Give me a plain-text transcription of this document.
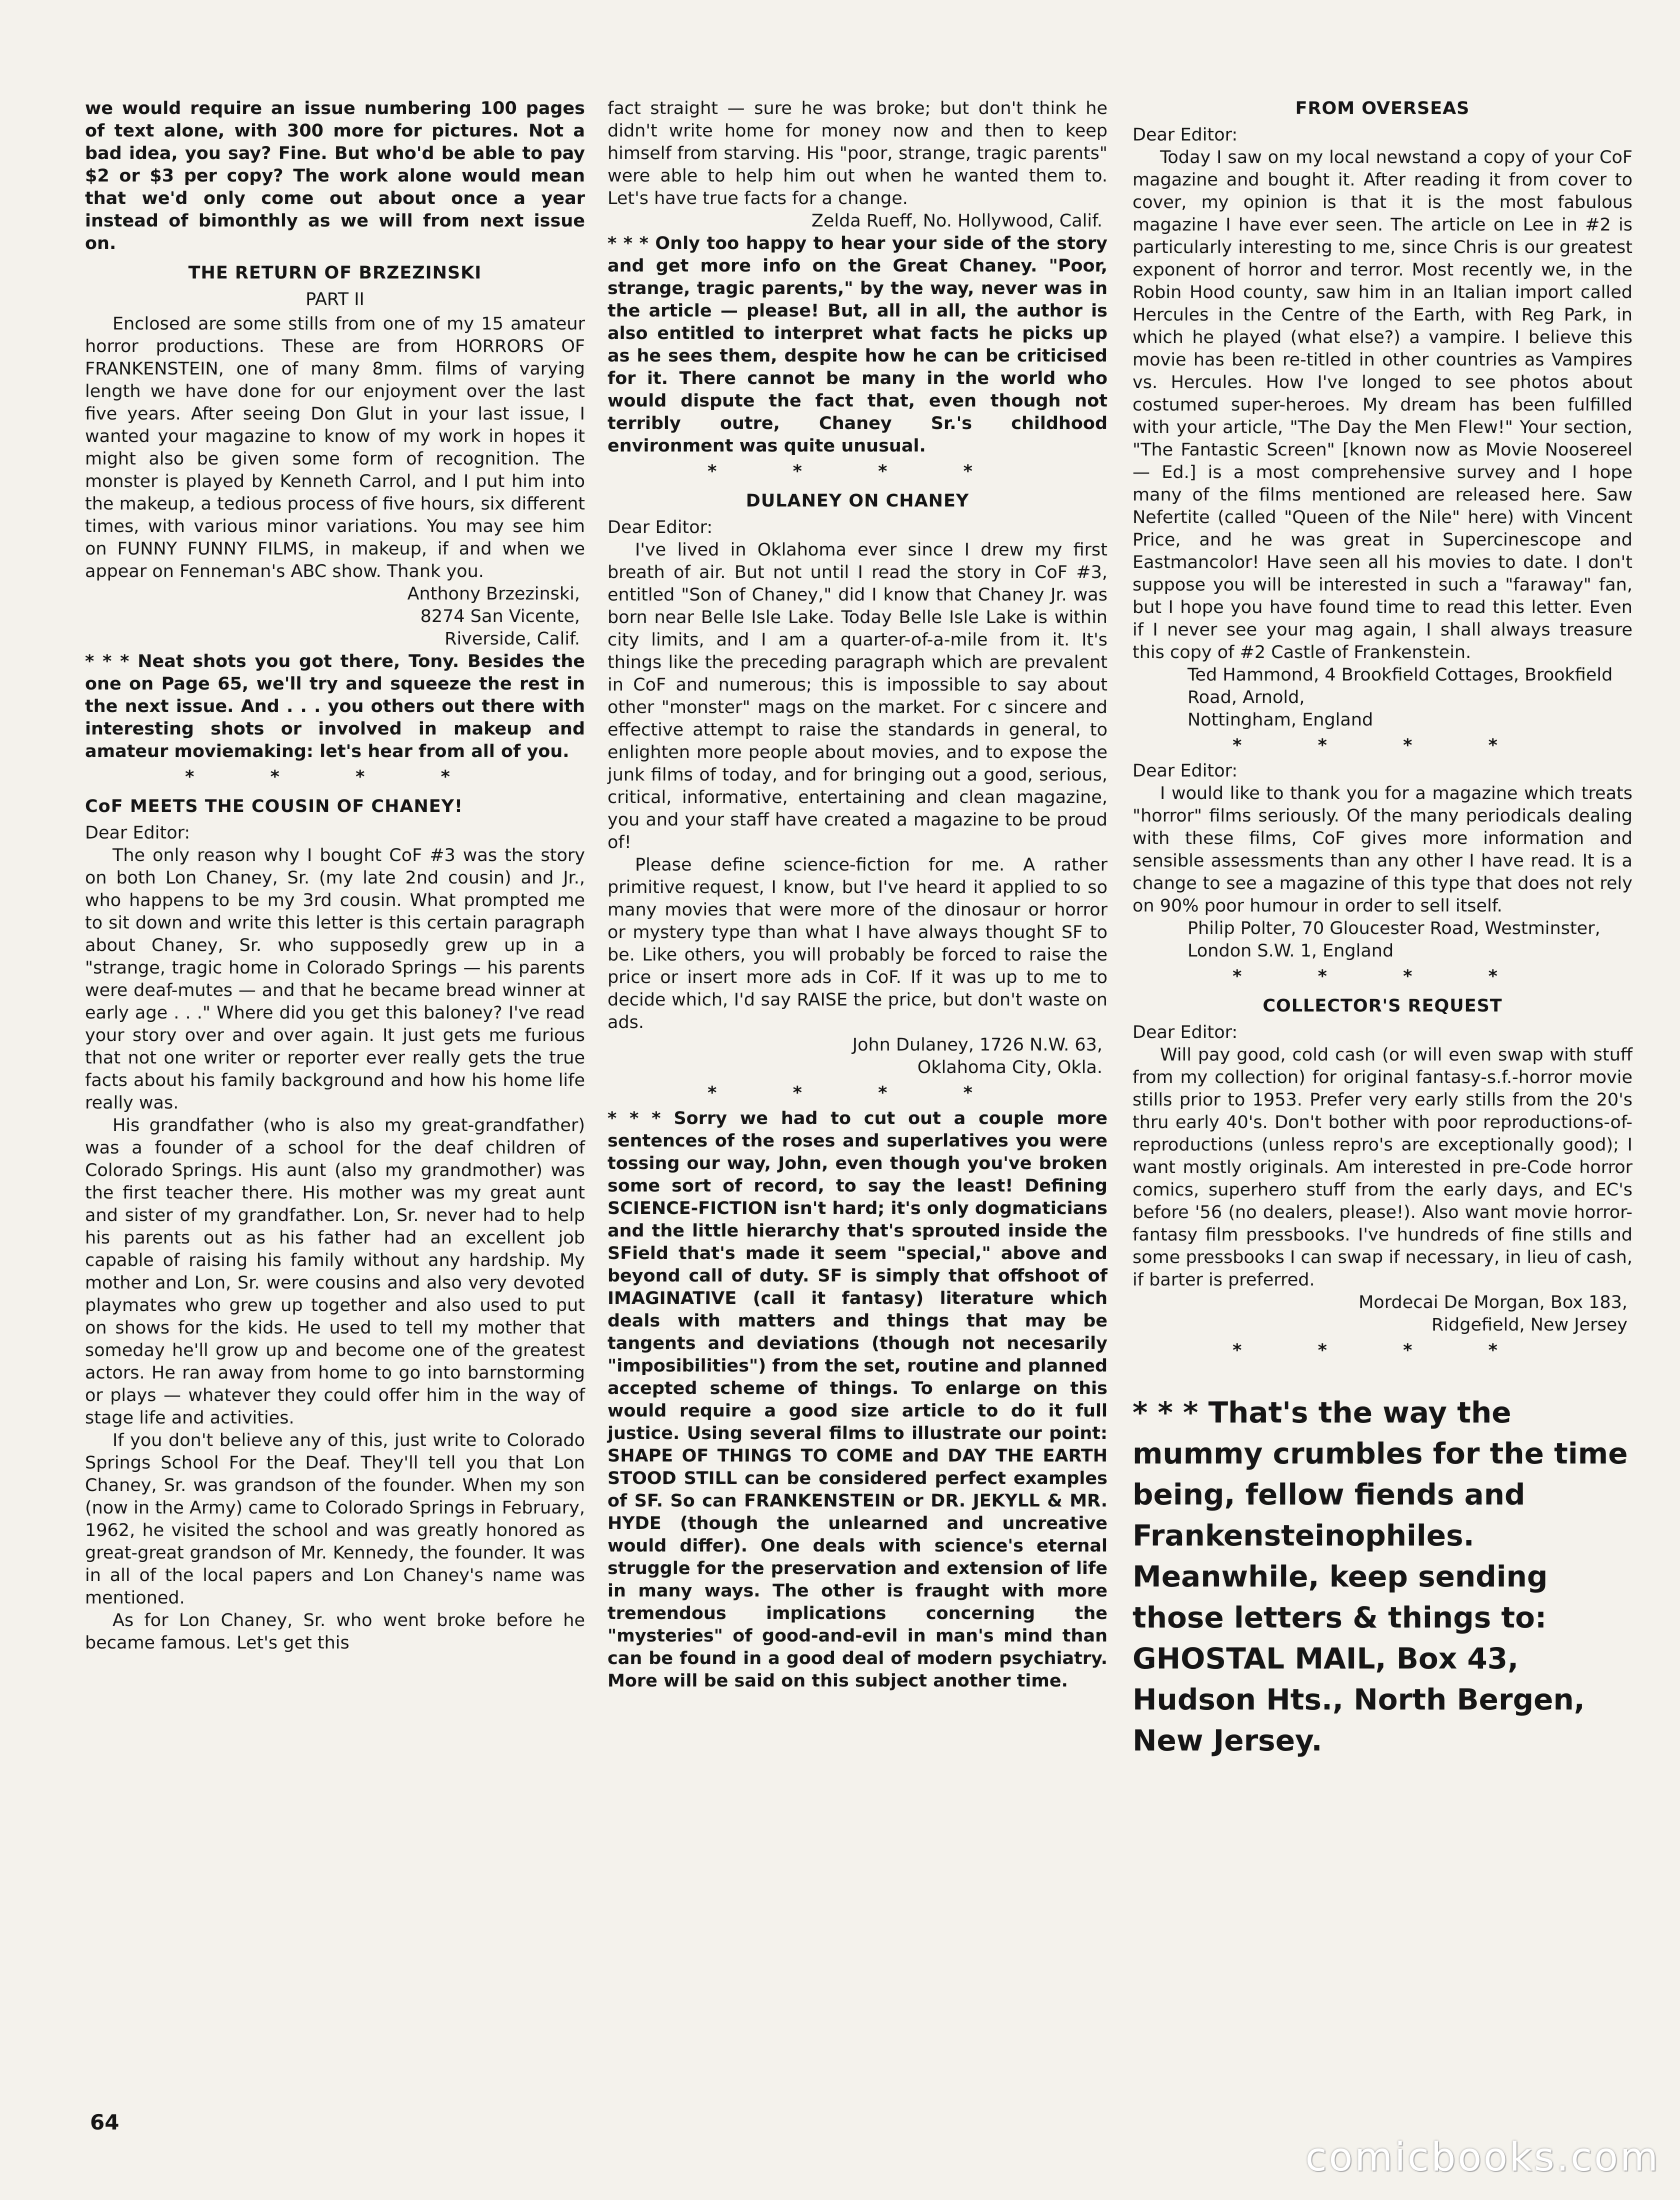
we would require an issue numbering 100 pages of text alone, with 300 more for pictures. Not a bad idea, you say? Fine. But who'd be able to pay $2 or $3 per copy? The work alone would mean that we'd only come out about once a year instead of bimonthly as we will from next issue on.

THE RETURN OF BRZEZINSKI
PART II

Enclosed are some stills from one of my 15 amateur horror productions. These are from HORRORS OF FRANKENSTEIN, one of many 8mm. films of varying length we have done for our enjoyment over the last five years. After seeing Don Glut in your last issue, I wanted your magazine to know of my work in hopes it might also be given some form of recognition. The monster is played by Kenneth Carrol, and I put him into the makeup, a tedious process of five hours, six different times, with various minor variations. You may see him on FUNNY FUNNY FILMS, in makeup, if and when we appear on Fenneman's ABC show. Thank you.

Anthony Brzezinski,
8274 San Vicente,
Riverside, Calif.

* * * Neat shots you got there, Tony. Besides the one on Page 65, we'll try and squeeze the rest in the next issue. And . . . you others out there with interesting shots or involved in makeup and amateur moviemaking: let's hear from all of you.

* * * *
CoF MEETS THE COUSIN OF CHANEY!
Dear Editor:

The only reason why I bought CoF #3 was the story on both Lon Chaney, Sr. (my late 2nd cousin) and Jr., who happens to be my 3rd cousin. What prompted me to sit down and write this letter is this certain paragraph about Chaney, Sr. who supposedly grew up in a "strange, tragic home in Colorado Springs — his parents were deaf-mutes — and that he became bread winner at early age . . ." Where did you get this baloney? I've read your story over and over again. It just gets me furious that not one writer or reporter ever really gets the true facts about his family background and how his home life really was.

His grandfather (who is also my great-grandfather) was a founder of a school for the deaf children of Colorado Springs. His aunt (also my grandmother) was the first teacher there. His mother was my great aunt and sister of my grandfather. Lon, Sr. never had to help his parents out as his father had an excellent job capable of raising his family without any hardship. My mother and Lon, Sr. were cousins and also very devoted playmates who grew up together and also used to put on shows for the kids. He used to tell my mother that someday he'll grow up and become one of the greatest actors. He ran away from home to go into barnstorming or plays — whatever they could offer him in the way of stage life and activities.

If you don't believe any of this, just write to Colorado Springs School For the Deaf. They'll tell you that Lon Chaney, Sr. was grandson of the founder. When my son (now in the Army) came to Colorado Springs in February, 1962, he visited the school and was greatly honored as great-great grandson of Mr. Kennedy, the founder. It was in all of the local papers and Lon Chaney's name was mentioned.

As for Lon Chaney, Sr. who went broke before he became famous. Let's get this

fact straight — sure he was broke; but don't think he didn't write home for money now and then to keep himself from starving. His "poor, strange, tragic parents" were able to help him out when he wanted them to. Let's have true facts for a change.

Zelda Rueff, No. Hollywood, Calif.

* * * Only too happy to hear your side of the story and get more info on the Great Chaney. "Poor, strange, tragic parents," by the way, never was in the article — please! But, all in all, the author is also entitled to interpret what facts he picks up as he sees them, despite how he can be criticised for it. There cannot be many in the world who would dispute the fact that, even though not terribly outre, Chaney Sr.'s childhood environment was quite unusual.

* * * *
DULANEY ON CHANEY
Dear Editor:

I've lived in Oklahoma ever since I drew my first breath of air. But not until I read the story in CoF #3, entitled "Son of Chaney," did I know that Chaney Jr. was born near Belle Isle Lake. Today Belle Isle Lake is within city limits, and I am a quarter-of-a-mile from it. It's things like the preceding paragraph which are prevalent in CoF and numerous; this is impossible to say about other "monster" mags on the market. For c sincere and effective attempt to raise the standards in general, to enlighten more people about movies, and to expose the junk films of today, and for bringing out a good, serious, critical, informative, entertaining and clean magazine, you and your staff have created a magazine to be proud of!

Please define science-fiction for me. A rather primitive request, I know, but I've heard it applied to so many movies that were more of the dinosaur or horror or mystery type than what I have always thought SF to be. Like others, you will probably be forced to raise the price or insert more ads in CoF. If it was up to me to decide which, I'd say RAISE the price, but don't waste on ads.

John Dulaney, 1726 N.W. 63,
Oklahoma City, Okla.
* * * *

* * * Sorry we had to cut out a couple more sentences of the roses and superlatives you were tossing our way, John, even though you've broken some sort of record, to say the least! Defining SCIENCE-FICTION isn't hard; it's only dogmaticians and the little hierarchy that's sprouted inside the SField that's made it seem "special," above and beyond call of duty. SF is simply that offshoot of IMAGINATIVE (call it fantasy) literature which deals with matters and things that may be tangents and deviations (though not necesarily "imposibilities") from the set, routine and planned accepted scheme of things. To enlarge on this would require a good size article to do it full justice. Using several films to illustrate our point: SHAPE OF THINGS TO COME and DAY THE EARTH STOOD STILL can be considered perfect examples of SF. So can FRANKENSTEIN or DR. JEKYLL & MR. HYDE (though the unlearned and uncreative would differ). One deals with science's eternal struggle for the preservation and extension of life in many ways. The other is fraught with more tremendous implications concerning the "mysteries" of good-and-evil in man's mind than can be found in a good deal of modern psychiatry. More will be said on this subject another time.

FROM OVERSEAS
Dear Editor:

Today I saw on my local newstand a copy of your CoF magazine and bought it. After reading it from cover to cover, my opinion is that it is the most fabulous magazine I have ever seen. The article on Lee in #2 is particularly interesting to me, since Chris is our greatest exponent of horror and terror. Most recently we, in the Robin Hood county, saw him in an Italian import called Hercules in the Centre of the Earth, with Reg Park, in which he played (what else?) a vampire. I believe this movie has been re-titled in other countries as Vampires vs. Hercules. How I've longed to see photos about costumed super-heroes. My dream has been fulfilled with your article, "The Day the Men Flew!" Your section, "The Fantastic Screen" [known now as Movie Noosereel — Ed.] is a most comprehensive survey and I hope many of the films mentioned are released here. Saw Nefertite (called "Queen of the Nile" here) with Vincent Price, and he was great in Supercinescope and Eastmancolor! Have seen all his movies to date. I don't suppose you will be interested in such a "faraway" fan, but I hope you have found time to read this letter. Even if I never see your mag again, I shall always treasure this copy of #2 Castle of Frankenstein.

Ted Hammond, 4 Brookfield Cottages, Brookfield Road, Arnold,
Nottingham, England
* * * *
Dear Editor:

I would like to thank you for a magazine which treats "horror" films seriously. Of the many periodicals dealing with these films, CoF gives more information and sensible assessments than any other I have read. It is a change to see a magazine of this type that does not rely on 90% poor humour in order to sell itself.

Philip Polter, 70 Gloucester Road, Westminster, London S.W. 1, England
* * * *
COLLECTOR'S REQUEST
Dear Editor:

Will pay good, cold cash (or will even swap with stuff from my collection) for original fantasy-s.f.-horror movie stills prior to 1953. Prefer very early stills from the 20's thru early 40's. Don't bother with poor reproductions-of-reproductions (unless repro's are exceptionally good); I want mostly originals. Am interested in pre-Code horror comics, superhero stuff from the early days, and EC's before '56 (no dealers, please!). Also want movie horror-fantasy film pressbooks. I've hundreds of fine stills and some pressbooks I can swap if necessary, in lieu of cash, if barter is preferred.

Mordecai De Morgan, Box 183,
Ridgefield, New Jersey
* * * *
* * * That's the way the mummy crumbles for the time being, fellow fiends and Frankensteinophiles. Meanwhile, keep sending those letters & things to: GHOSTAL MAIL, Box 43, Hudson Hts., North Bergen, New Jersey.
64
comicbooks.com
